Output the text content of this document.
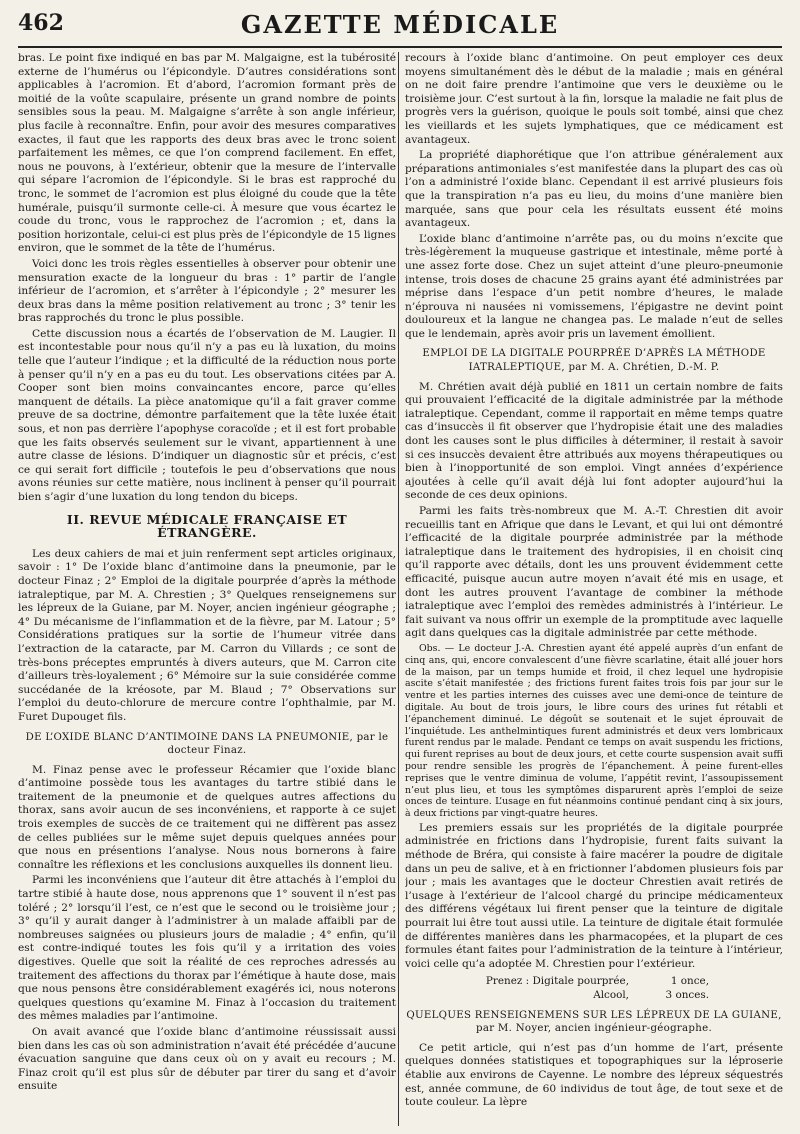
462	GAZETTE MÉDICALE

bras. Le point fixe indiqué en bas par M. Malgaigne, est la tubérosité externe de l’humérus ou l’épicondyle. D’autres considérations sont applicables à l’acromion. Et d’abord, l’acromion formant près de moitié de la voûte scapulaire, présente un grand nombre de points sensibles sous la peau. M. Malgaigne s’arrête à son angle inférieur, plus facile à reconnaître. Enfin, pour avoir des mesures comparatives exactes, il faut que les rapports des deux bras avec le tronc soient parfaitement les mêmes, ce que l’on comprend facilement. En effet, nous ne pouvons, à l’extérieur, obtenir que la mesure de l’intervalle qui sépare l’acromion de l’épicondyle. Si le bras est rapproché du tronc, le sommet de l’acromion est plus éloigné du coude que la tête humérale, puisqu’il surmonte celle-ci. À mesure que vous écartez le coude du tronc, vous le rapprochez de l’acromion ; et, dans la position horizontale, celui-ci est plus près de l’épicondyle de 15 lignes environ, que le sommet de la tête de l’humérus.

Voici donc les trois règles essentielles à observer pour obtenir une mensuration exacte de la longueur du bras : 1° partir de l’angle inférieur de l’acromion, et s’arrêter à l’épicondyle ; 2° mesurer les deux bras dans la même position relativement au tronc ; 3° tenir les bras rapprochés du tronc le plus possible.

Cette discussion nous a écartés de l’observation de M. Laugier. Il est incontestable pour nous qu’il n’y a pas eu là luxation, du moins telle que l’auteur l’indique ; et la difficulté de la réduction nous porte à penser qu’il n’y en a pas eu du tout. Les observations citées par A. Cooper sont bien moins convaincantes encore, parce qu’elles manquent de détails. La pièce anatomique qu’il a fait graver comme preuve de sa doctrine, démontre parfaitement que la tête luxée était sous, et non pas derrière l’apophyse coracoïde ; et il est fort probable que les faits observés seulement sur le vivant, appartiennent à une autre classe de lésions. D’indiquer un diagnostic sûr et précis, c’est ce qui serait fort difficile ; toutefois le peu d’observations que nous avons réunies sur cette matière, nous inclinent à penser qu’il pourrait bien s’agir d’une luxation du long tendon du biceps.

II. REVUE MÉDICALE FRANÇAISE ET ÉTRANGÈRE.

Les deux cahiers de mai et juin renferment sept articles originaux, savoir : 1° De l’oxide blanc d’antimoine dans la pneumonie, par le docteur Finaz ; 2° Emploi de la digitale pourprée d’après la méthode iatraleptique, par M. A. Chrestien ; 3° Quelques renseignemens sur les lépreux de la Guiane, par M. Noyer, ancien ingénieur géographe ; 4° Du mécanisme de l’inflammation et de la fièvre, par M. Latour ; 5° Considérations pratiques sur la sortie de l’humeur vitrée dans l’extraction de la cataracte, par M. Carron du Villards ; ce sont de très-bons préceptes empruntés à divers auteurs, que M. Carron cite d’ailleurs très-loyalement ; 6° Mémoire sur la suie considérée comme succédanée de la kréosote, par M. Blaud ; 7° Observations sur l’emploi du deuto-chlorure de mercure contre l’ophthalmie, par M. Furet Dupouget fils.

DE L’OXIDE BLANC D’ANTIMOINE DANS LA PNEUMONIE, par le docteur Finaz.

M. Finaz pense avec le professeur Récamier que l’oxide blanc d’antimoine possède tous les avantages du tartre stibié dans le traitement de la pneumonie et de quelques autres affections du thorax, sans avoir aucun de ses inconvéniens, et rapporte à ce sujet trois exemples de succès de ce traitement qui ne diffèrent pas assez de celles publiées sur le même sujet depuis quelques années pour que nous en présentions l’analyse. Nous nous bornerons à faire connaître les réflexions et les conclusions auxquelles ils donnent lieu.

Parmi les inconvéniens que l’auteur dit être attachés à l’emploi du tartre stibié à haute dose, nous apprenons que 1° souvent il n’est pas toléré ; 2° lorsqu’il l’est, ce n’est que le second ou le troisième jour ; 3° qu’il y aurait danger à l’administrer à un malade affaibli par de nombreuses saignées ou plusieurs jours de maladie ; 4° enfin, qu’il est contre-indiqué toutes les fois qu’il y a irritation des voies digestives. Quelle que soit la réalité de ces reproches adressés au traitement des affections du thorax par l’émétique à haute dose, mais que nous pensons être considérablement exagérés ici, nous noterons quelques questions qu’examine M. Finaz à l’occasion du traitement des mêmes maladies par l’antimoine.

On avait avancé que l’oxide blanc d’antimoine réussissait aussi bien dans les cas où son administration n’avait été précédée d’aucune évacuation sanguine que dans ceux où on y avait eu recours ; M. Finaz croit qu’il est plus sûr de débuter par tirer du sang et d’avoir ensuite

recours à l’oxide blanc d’antimoine. On peut employer ces deux moyens simultanément dès le début de la maladie ; mais en général on ne doit faire prendre l’antimoine que vers le deuxième ou le troisième jour. C’est surtout à la fin, lorsque la maladie ne fait plus de progrès vers la guérison, quoique le pouls soit tombé, ainsi que chez les vieillards et les sujets lymphatiques, que ce médicament est avantageux.

La propriété diaphorétique que l’on attribue généralement aux préparations antimoniales s’est manifestée dans la plupart des cas où l’on a administré l’oxide blanc. Cependant il est arrivé plusieurs fois que la transpiration n’a pas eu lieu, du moins d’une manière bien marquée, sans que pour cela les résultats eussent été moins avantageux.

L’oxide blanc d’antimoine n’arrête pas, ou du moins n’excite que très-légèrement la muqueuse gastrique et intestinale, même porté à une assez forte dose. Chez un sujet atteint d’une pleuro-pneumonie intense, trois doses de chacune 25 grains ayant été administrées par méprise dans l’espace d’un petit nombre d’heures, le malade n’éprouva ni nausées ni vomissemens, l’épigastre ne devint point douloureux et la langue ne changea pas. Le malade n’eut de selles que le lendemain, après avoir pris un lavement émollient.

EMPLOI DE LA DIGITALE POURPRÉE D’APRÈS LA MÉTHODE IATRALEPTIQUE, par M. A. Chrétien, D.-M. P.

M. Chrétien avait déjà publié en 1811 un certain nombre de faits qui prouvaient l’efficacité de la digitale administrée par la méthode iatraleptique. Cependant, comme il rapportait en même temps quatre cas d’insuccès il fit observer que l’hydropisie était une des maladies dont les causes sont le plus difficiles à déterminer, il restait à savoir si ces insuccès devaient être attribués aux moyens thérapeutiques ou bien à l’inopportunité de son emploi. Vingt années d’expérience ajoutées à celle qu’il avait déjà lui font adopter aujourd’hui la seconde de ces deux opinions.

Parmi les faits très-nombreux que M. A.-T. Chrestien dit avoir recueillis tant en Afrique que dans le Levant, et qui lui ont démontré l’efficacité de la digitale pourprée administrée par la méthode iatraleptique dans le traitement des hydropisies, il en choisit cinq qu’il rapporte avec détails, dont les uns prouvent évidemment cette efficacité, puisque aucun autre moyen n’avait été mis en usage, et dont les autres prouvent l’avantage de combiner la méthode iatraleptique avec l’emploi des remèdes administrés à l’intérieur. Le fait suivant va nous offrir un exemple de la promptitude avec laquelle agit dans quelques cas la digitale administrée par cette méthode.

Obs. — Le docteur J.-A. Chrestien ayant été appelé auprès d’un enfant de cinq ans, qui, encore convalescent d’une fièvre scarlatine, était allé jouer hors de la maison, par un temps humide et froid, il chez lequel une hydropisie ascite s’était manifestée ; des frictions furent faites trois fois par jour sur le ventre et les parties internes des cuisses avec une demi-once de teinture de digitale. Au bout de trois jours, le libre cours des urines fut rétabli et l’épanchement diminué. Le dégoût se soutenait et le sujet éprouvait de l’inquiétude. Les anthelmintiques furent administrés et deux vers lombricaux furent rendus par le malade. Pendant ce temps on avait suspendu les frictions, qui furent reprises au bout de deux jours, et cette courte suspension avait suffi pour rendre sensible les progrès de l’épanchement. À peine furent-elles reprises que le ventre diminua de volume, l’appétit revint, l’assoupissement n’eut plus lieu, et tous les symptômes disparurent après l’emploi de seize onces de teinture. L’usage en fut néanmoins continué pendant cinq à six jours, à deux frictions par vingt-quatre heures.

Les premiers essais sur les propriétés de la digitale pourprée administrée en frictions dans l’hydropisie, furent faits suivant la méthode de Bréra, qui consiste à faire macérer la poudre de digitale dans un peu de salive, et à en frictionner l’abdomen plusieurs fois par jour ; mais les avantages que le docteur Chrestien avait retirés de l’usage à l’extérieur de l’alcool chargé du principe médicamenteux des différens végétaux lui firent penser que la teinture de digitale pourrait lui être tout aussi utile. La teinture de digitale était formulée de différentes manières dans les pharmacopées, et la plupart de ces formules étant faites pour l’administration de la teinture à l’intérieur, voici celle qu’a adoptée M. Chrestien pour l’extérieur.

Prenez : Digitale pourprée,	1 once,
Alcool,	3 onces.
QUELQUES RENSEIGNEMENS SUR LES LÉPREUX DE LA GUIANE, par M. Noyer, ancien ingénieur-géographe.

Ce petit article, qui n’est pas d’un homme de l’art, présente quelques données statistiques et topographiques sur la léproserie établie aux environs de Cayenne. Le nombre des lépreux séquestrés est, année commune, de 60 individus de tout âge, de tout sexe et de toute couleur. La lèpre
